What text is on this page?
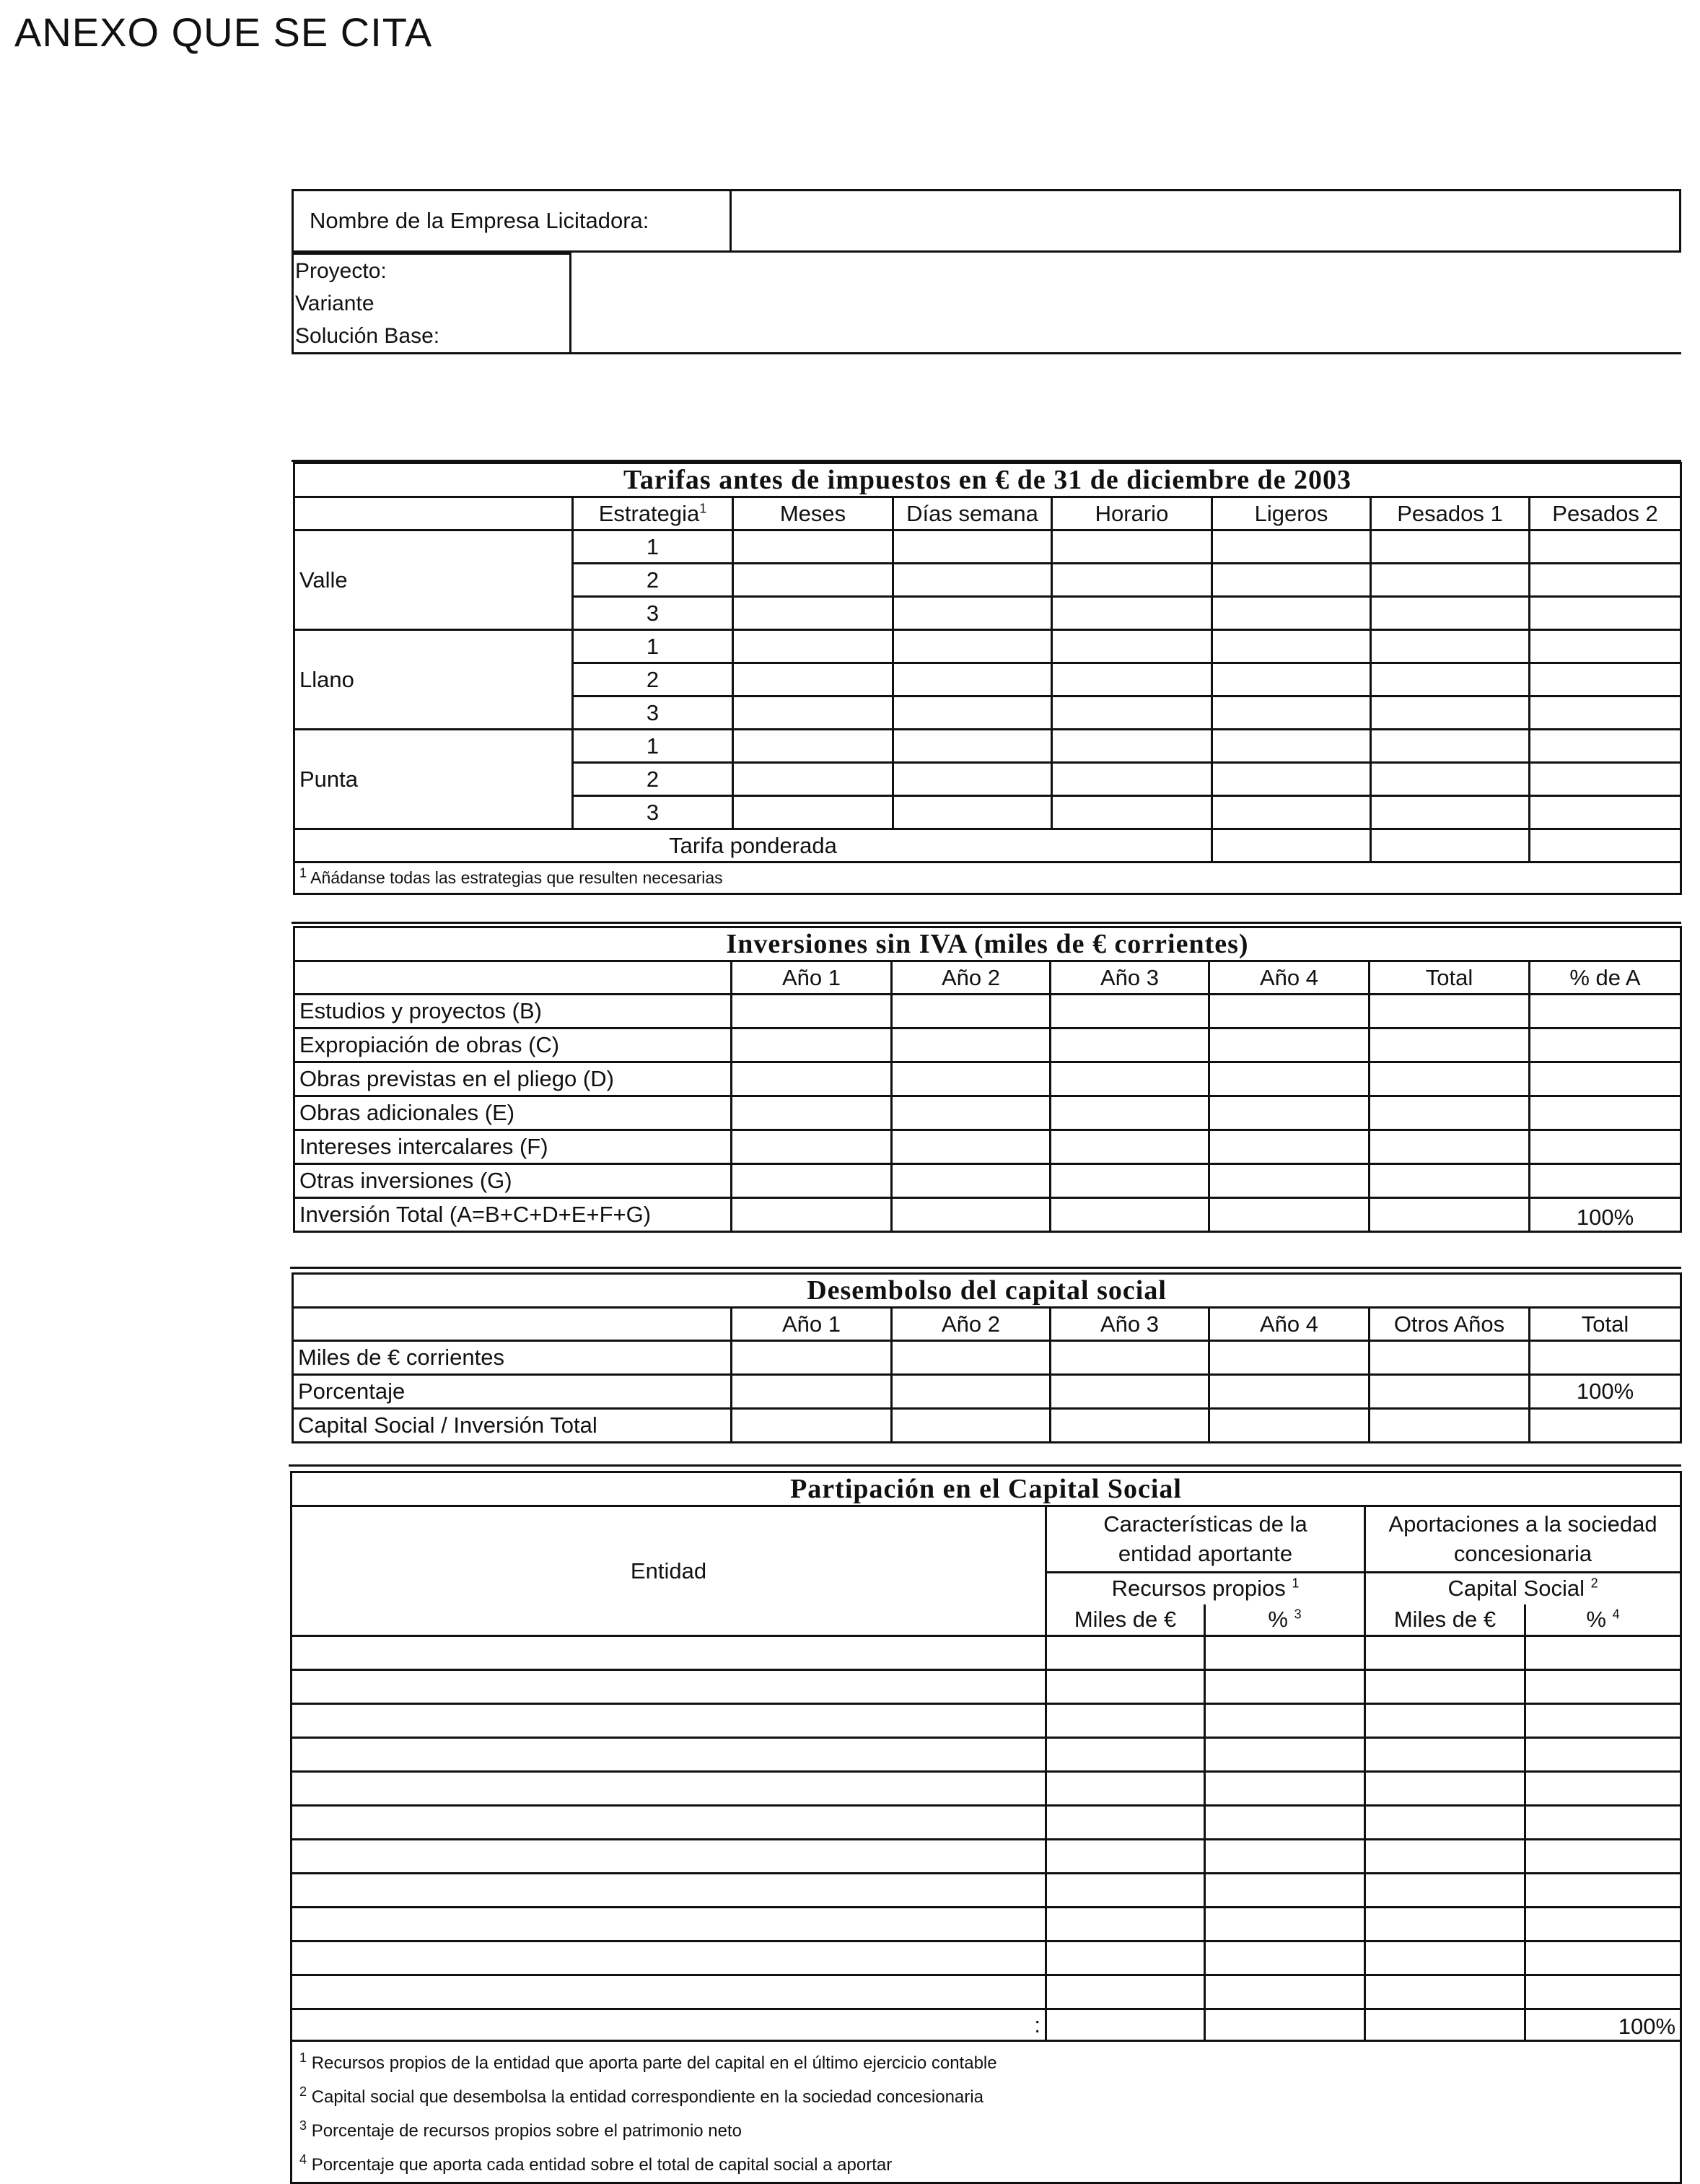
ANEXO QUE SE CITA
Nombre de la Empresa Licitadora:	
Proyecto:
Variante
Solución Base:

Tarifas antes de impuestos en € de 31 de diciembre de 2003							
	Estrategia$^1$	Meses	Días semana	Horario	Ligeros	Pesados 1	Pesados 2
Valle	1						
	2						
	3						
Llano	1						
	2						
	3						
Punta	1						
	2						
	3						
Tarifa ponderada							
$^1$ Añádanse todas las estrategias que resulten necesarias							
Inversiones sin IVA (miles de € corrientes)						
	Año 1	Año 2	Año 3	Año 4	Total	% de A
Estudios y proyectos (B)						
Expropiación de obras (C)						
Obras previstas en el pliego (D)						
Obras adicionales (E)						
Intereses intercalares (F)						
Otras inversiones (G)						
Inversión Total (A=B+C+D+E+F+G)						100%
Desembolso del capital social						
	Año 1	Año 2	Año 3	Año 4	Otros Años	Total
Miles de € corrientes						
Porcentaje						100%
Capital Social / Inversión Total						
Partipación en el Capital Social				
Entidad	Características de la entidad aportante		Aportaciones a la sociedad concesionaria	
	Recursos propios $^1$		Capital Social $^2$
	Miles de €	% $^3$	Miles de €	% $^4$

:				100%

$^1$ Recursos propios de la entidad que aporta parte del capital en el último ejercicio contable
$^2$ Capital social que desembolsa la entidad correspondiente en la sociedad concesionaria
$^3$ Porcentaje de recursos propios sobre el patrimonio neto
$^4$ Porcentaje que aporta cada entidad sobre el total de capital social a aportar				
